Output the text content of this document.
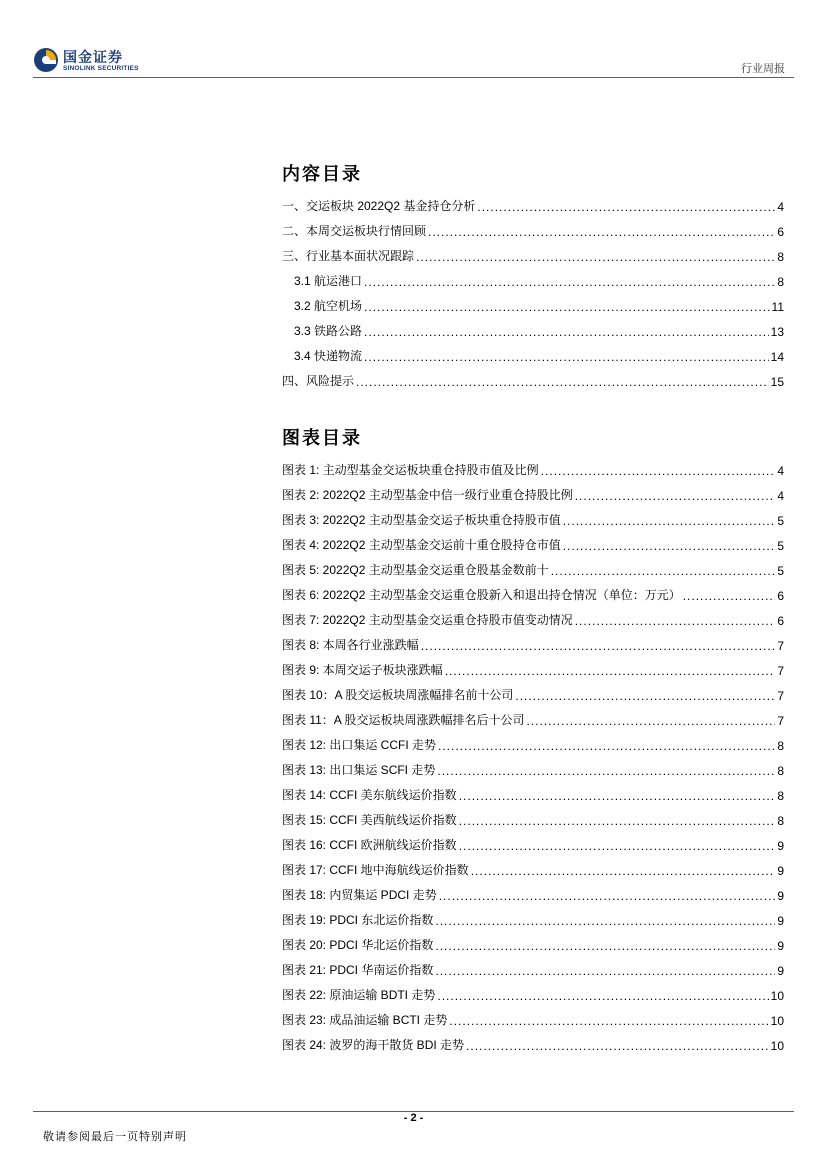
国金证券
SINOLINK SECURITIES	行业周报
内容目录
一、交运板块 2022Q2 基金持仓分析 .....	4
二、本周交运板块行情回顾 .....	6
三、行业基本面状况跟踪 .....	8
3.1 航运港口 .....	8
3.2 航空机场 .....	11
3.3 铁路公路 .....	13
3.4 快递物流 .....	14
四、风险提示 .....	15
图表目录
图表 1: 主动型基金交运板块重仓持股市值及比例 .....	4
图表 2: 2022Q2 主动型基金中信一级行业重仓持股比例 .....	4
图表 3: 2022Q2 主动型基金交运子板块重仓持股市值 .....	5
图表 4: 2022Q2 主动型基金交运前十重仓股持仓市值 .....	5
图表 5: 2022Q2 主动型基金交运重仓股基金数前十 .....	5
图表 6: 2022Q2 主动型基金交运重仓股新入和退出持仓情况（单位：万元） .....	6
图表 7: 2022Q2 主动型基金交运重仓持股市值变动情况 .....	6
图表 8: 本周各行业涨跌幅 .....	7
图表 9: 本周交运子板块涨跌幅 .....	7
图表 10：A 股交运板块周涨幅排名前十公司 .....	7
图表 11：A 股交运板块周涨跌幅排名后十公司 .....	7
图表 12: 出口集运 CCFI 走势 .....	8
图表 13: 出口集运 SCFI 走势 .....	8
图表 14: CCFI 美东航线运价指数 .....	8
图表 15: CCFI 美西航线运价指数 .....	8
图表 16: CCFI 欧洲航线运价指数 .....	9
图表 17: CCFI 地中海航线运价指数 .....	9
图表 18: 内贸集运 PDCI 走势 .....	9
图表 19: PDCI 东北运价指数 .....	9
图表 20: PDCI 华北运价指数 .....	9
图表 21: PDCI 华南运价指数 .....	9
图表 22: 原油运输 BDTI 走势 .....	10
图表 23: 成品油运输 BCTI 走势 .....	10
图表 24: 波罗的海干散货 BDI 走势 .....	10
- 2 -
敬请参阅最后一页特别声明
